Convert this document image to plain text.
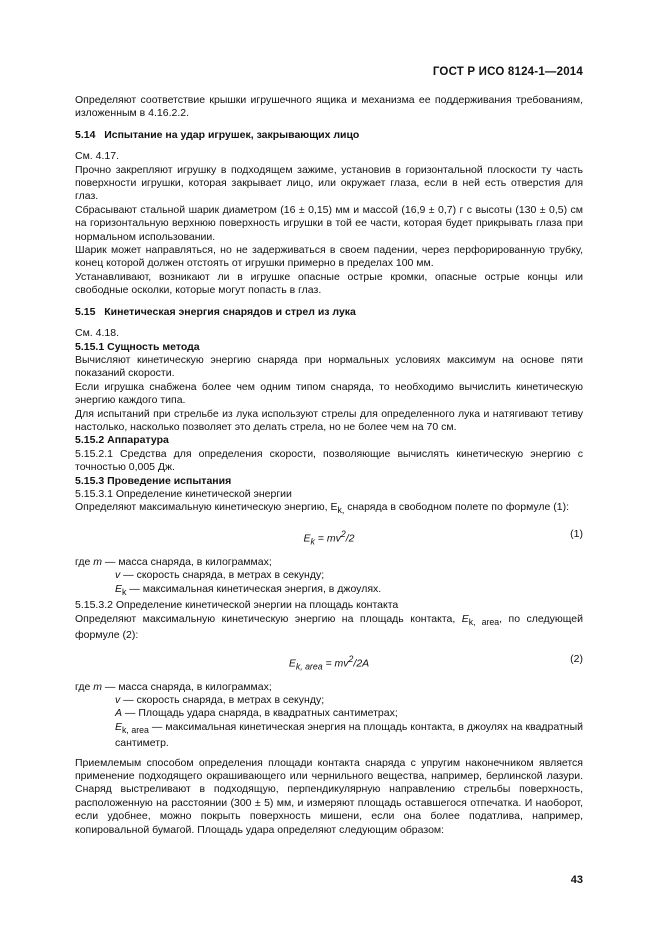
ГОСТ Р ИСО 8124-1—2014

Определяют соответствие крышки игрушечного ящика и механизма ее поддерживания требованиям, изложенным в 4.16.2.2.

5.14 Испытание на удар игрушек, закрывающих лицо

См. 4.17.

Прочно закрепляют игрушку в подходящем зажиме, установив в горизонтальной плоскости ту часть поверхности игрушки, которая закрывает лицо, или окружает глаза, если в ней есть отверстия для глаз.

Сбрасывают стальной шарик диаметром (16 ± 0,15) мм и массой (16,9 ± 0,7) г с высоты (130 ± 0,5) см на горизонтальную верхнюю поверхность игрушки в той ее части, которая будет прикрывать глаза при нормальном использовании.

Шарик может направляться, но не задерживаться в своем падении, через перфорированную трубку, конец которой должен отстоять от игрушки примерно в пределах 100 мм.

Устанавливают, возникают ли в игрушке опасные острые кромки, опасные острые концы или свободные осколки, которые могут попасть в глаз.

5.15 Кинетическая энергия снарядов и стрел из лука

См. 4.18.

5.15.1 Сущность метода

Вычисляют кинетическую энергию снаряда при нормальных условиях максимум на основе пяти показаний скорости.

Если игрушка снабжена более чем одним типом снаряда, то необходимо вычислить кинетическую энергию каждого типа.

Для испытаний при стрельбе из лука используют стрелы для определенного лука и натягивают тетиву настолько, насколько позволяет это делать стрела, но не более чем на 70 см.

5.15.2 Аппаратура

5.15.2.1 Средства для определения скорости, позволяющие вычислять кинетическую энергию с точностью 0,005 Дж.

5.15.3 Проведение испытания

5.15.3.1 Определение кинетической энергии

Определяют максимальную кинетическую энергию, $E_{k,}$ снаряда в свободном полете по формуле (1):

$E_k = mv^2/2$	(1)

где m — масса снаряда, в килограммах;

v — скорость снаряда, в метрах в секунду;

$E_k$ — максимальная кинетическая энергия, в джоулях.

5.15.3.2 Определение кинетической энергии на площадь контакта

Определяют максимальную кинетическую энергию на площадь контакта, $E_{k, area}$, по следующей формуле (2):

$E_{k, area} = mv^2/2A$	(2)

где m — масса снаряда, в килограммах;

v — скорость снаряда, в метрах в секунду;

A — Площадь удара снаряда, в квадратных сантиметрах;

$E_{k, area}$ — максимальная кинетическая энергия на площадь контакта, в джоулях на квадратный сантиметр.

Приемлемым способом определения площади контакта снаряда с упругим наконечником является применение подходящего окрашивающего или чернильного вещества, например, берлинской лазури. Снаряд выстреливают в подходящую, перпендикулярную направлению стрельбы поверхность, расположенную на расстоянии (300 ± 5) мм, и измеряют площадь оставшегося отпечатка. И наоборот, если удобнее, можно покрыть поверхность мишени, если она более податлива, например, копировальной бумагой. Площадь удара определяют следующим образом:

43
